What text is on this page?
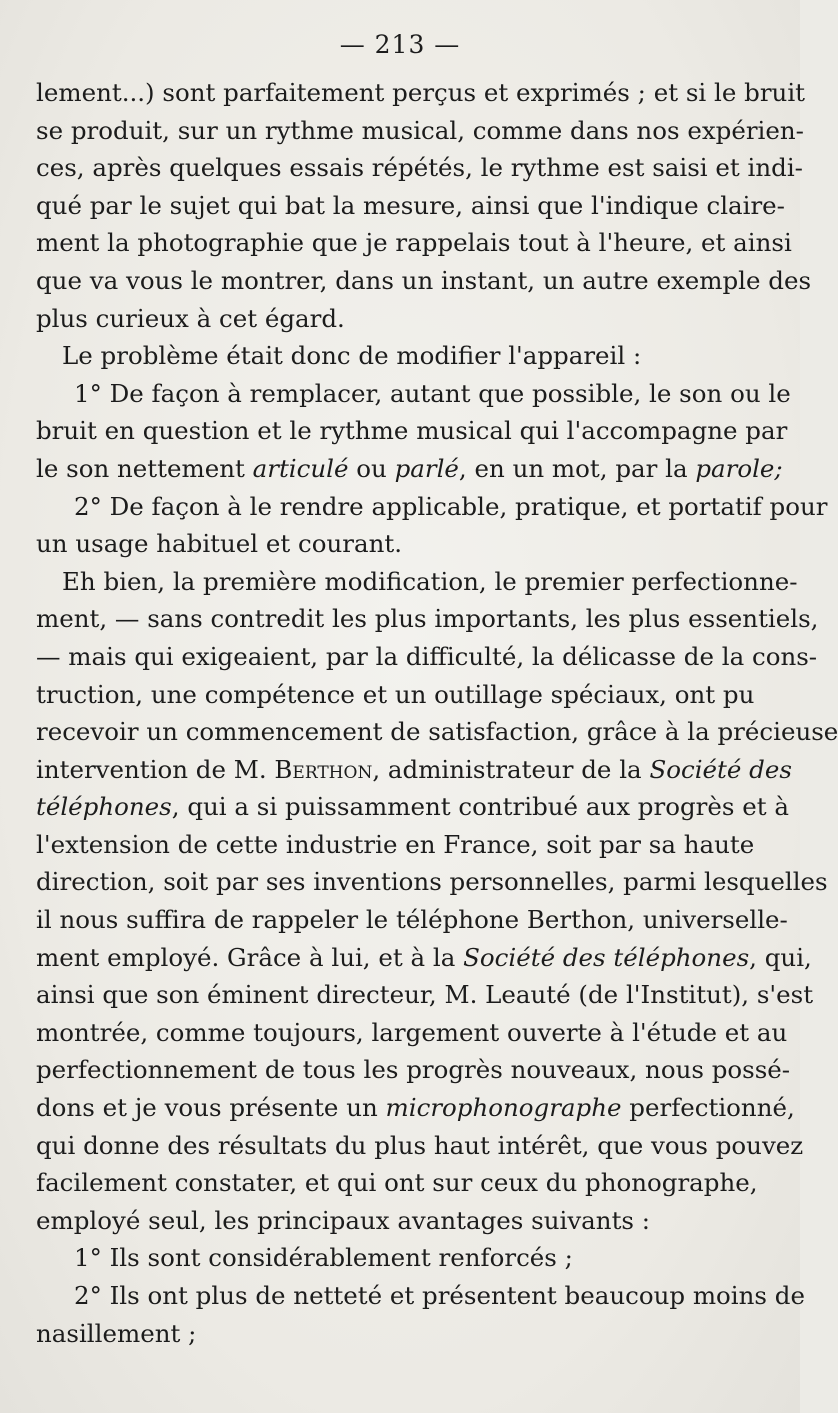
— 213 —
lement...) sont parfaitement perçus et exprimés ; et si le bruit
se produit, sur un rythme musical, comme dans nos expérien-
ces, après quelques essais répétés, le rythme est saisi et indi-
qué par le sujet qui bat la mesure, ainsi que l'indique claire-
ment la photographie que je rappelais tout à l'heure, et ainsi
que va vous le montrer, dans un instant, un autre exemple des
plus curieux à cet égard.
Le problème était donc de modifier l'appareil :
1° De façon à remplacer, autant que possible, le son ou le
bruit en question et le rythme musical qui l'accompagne par
le son nettement articulé ou parlé, en un mot, par la parole;
2° De façon à le rendre applicable, pratique, et portatif pour
un usage habituel et courant.
Eh bien, la première modification, le premier perfectionne-
ment, — sans contredit les plus importants, les plus essentiels,
— mais qui exigeaient, par la difficulté, la délicasse de la cons-
truction, une compétence et un outillage spéciaux, ont pu
recevoir un commencement de satisfaction, grâce à la précieuse
intervention de M. Berthon, administrateur de la Société des
téléphones, qui a si puissamment contribué aux progrès et à
l'extension de cette industrie en France, soit par sa haute
direction, soit par ses inventions personnelles, parmi lesquelles
il nous suffira de rappeler le téléphone Berthon, universelle-
ment employé. Grâce à lui, et à la Société des téléphones, qui,
ainsi que son éminent directeur, M. Leauté (de l'Institut), s'est
montrée, comme toujours, largement ouverte à l'étude et au
perfectionnement de tous les progrès nouveaux, nous possé-
dons et je vous présente un microphonographe perfectionné,
qui donne des résultats du plus haut intérêt, que vous pouvez
facilement constater, et qui ont sur ceux du phonographe,
employé seul, les principaux avantages suivants :
1° Ils sont considérablement renforcés ;
2° Ils ont plus de netteté et présentent beaucoup moins de
nasillement ;
